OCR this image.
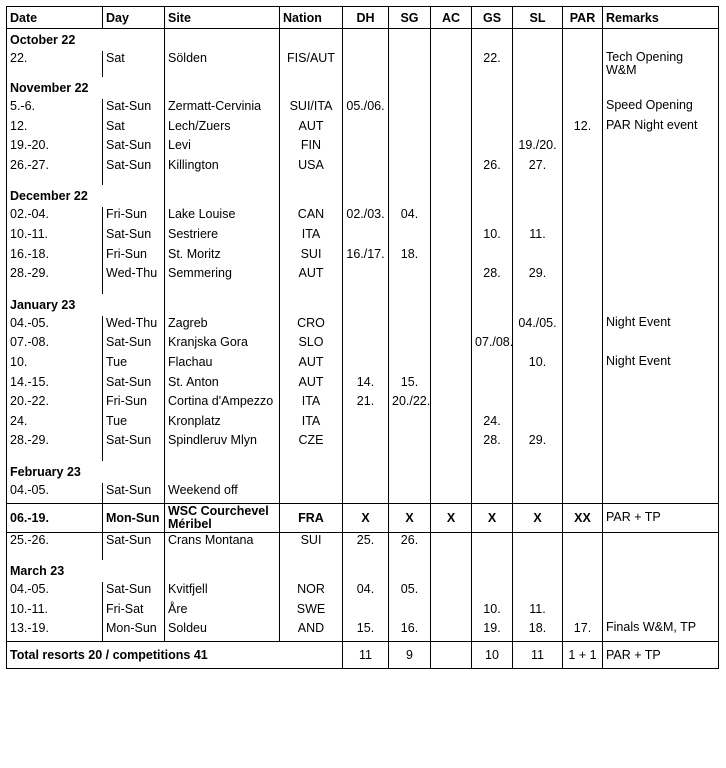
Date	Day	Site	Nation	DH	SG	AC	GS	SL	PAR	Remarks
October 22										
22.	Sat	Sölden	FIS/AUT				22.			Tech Opening W&M
November 22										
5.-6.	Sat-Sun	Zermatt-Cervinia	SUI/ITA	05./06.						Speed Opening
12.	Sat	Lech/Zuers	AUT						12.	PAR Night event
19.-20.	Sat-Sun	Levi	FIN					19./20.		
26.-27.	Sat-Sun	Killington	USA				26.	27.		

December 22										
02.-04.	Fri-Sun	Lake Louise	CAN	02./03.	04.					
10.-11.	Sat-Sun	Sestriere	ITA				10.	11.		
16.-18.	Fri-Sun	St. Moritz	SUI	16./17.	18.					
28.-29.	Wed-Thu	Semmering	AUT				28.	29.		

January 23										
04.-05.	Wed-Thu	Zagreb	CRO					04./05.		Night Event
07.-08.	Sat-Sun	Kranjska Gora	SLO				07./08.			
10.	Tue	Flachau	AUT					10.		Night Event
14.-15.	Sat-Sun	St. Anton	AUT	14.	15.					
20.-22.	Fri-Sun	Cortina d'Ampezzo	ITA	21.	20./22.					
24.	Tue	Kronplatz	ITA				24.			
28.-29.	Sat-Sun	Spindleruv Mlyn	CZE				28.	29.		

February 23										
04.-05.	Sat-Sun	Weekend off								
06.-19.	Mon-Sun	WSC Courchevel Méribel	FRA	X	X	X	X	X	XX	PAR + TP
25.-26.	Sat-Sun	Crans Montana	SUI	25.	26.					

March 23										
04.-05.	Sat-Sun	Kvitfjell	NOR	04.	05.					
10.-11.	Fri-Sat	Åre	SWE				10.	11.		
13.-19.	Mon-Sun	Soldeu	AND	15.	16.		19.	18.	17.	Finals W&M, TP
Total resorts 20 / competitions 41				11	9		10	11	1 + 1	PAR + TP
